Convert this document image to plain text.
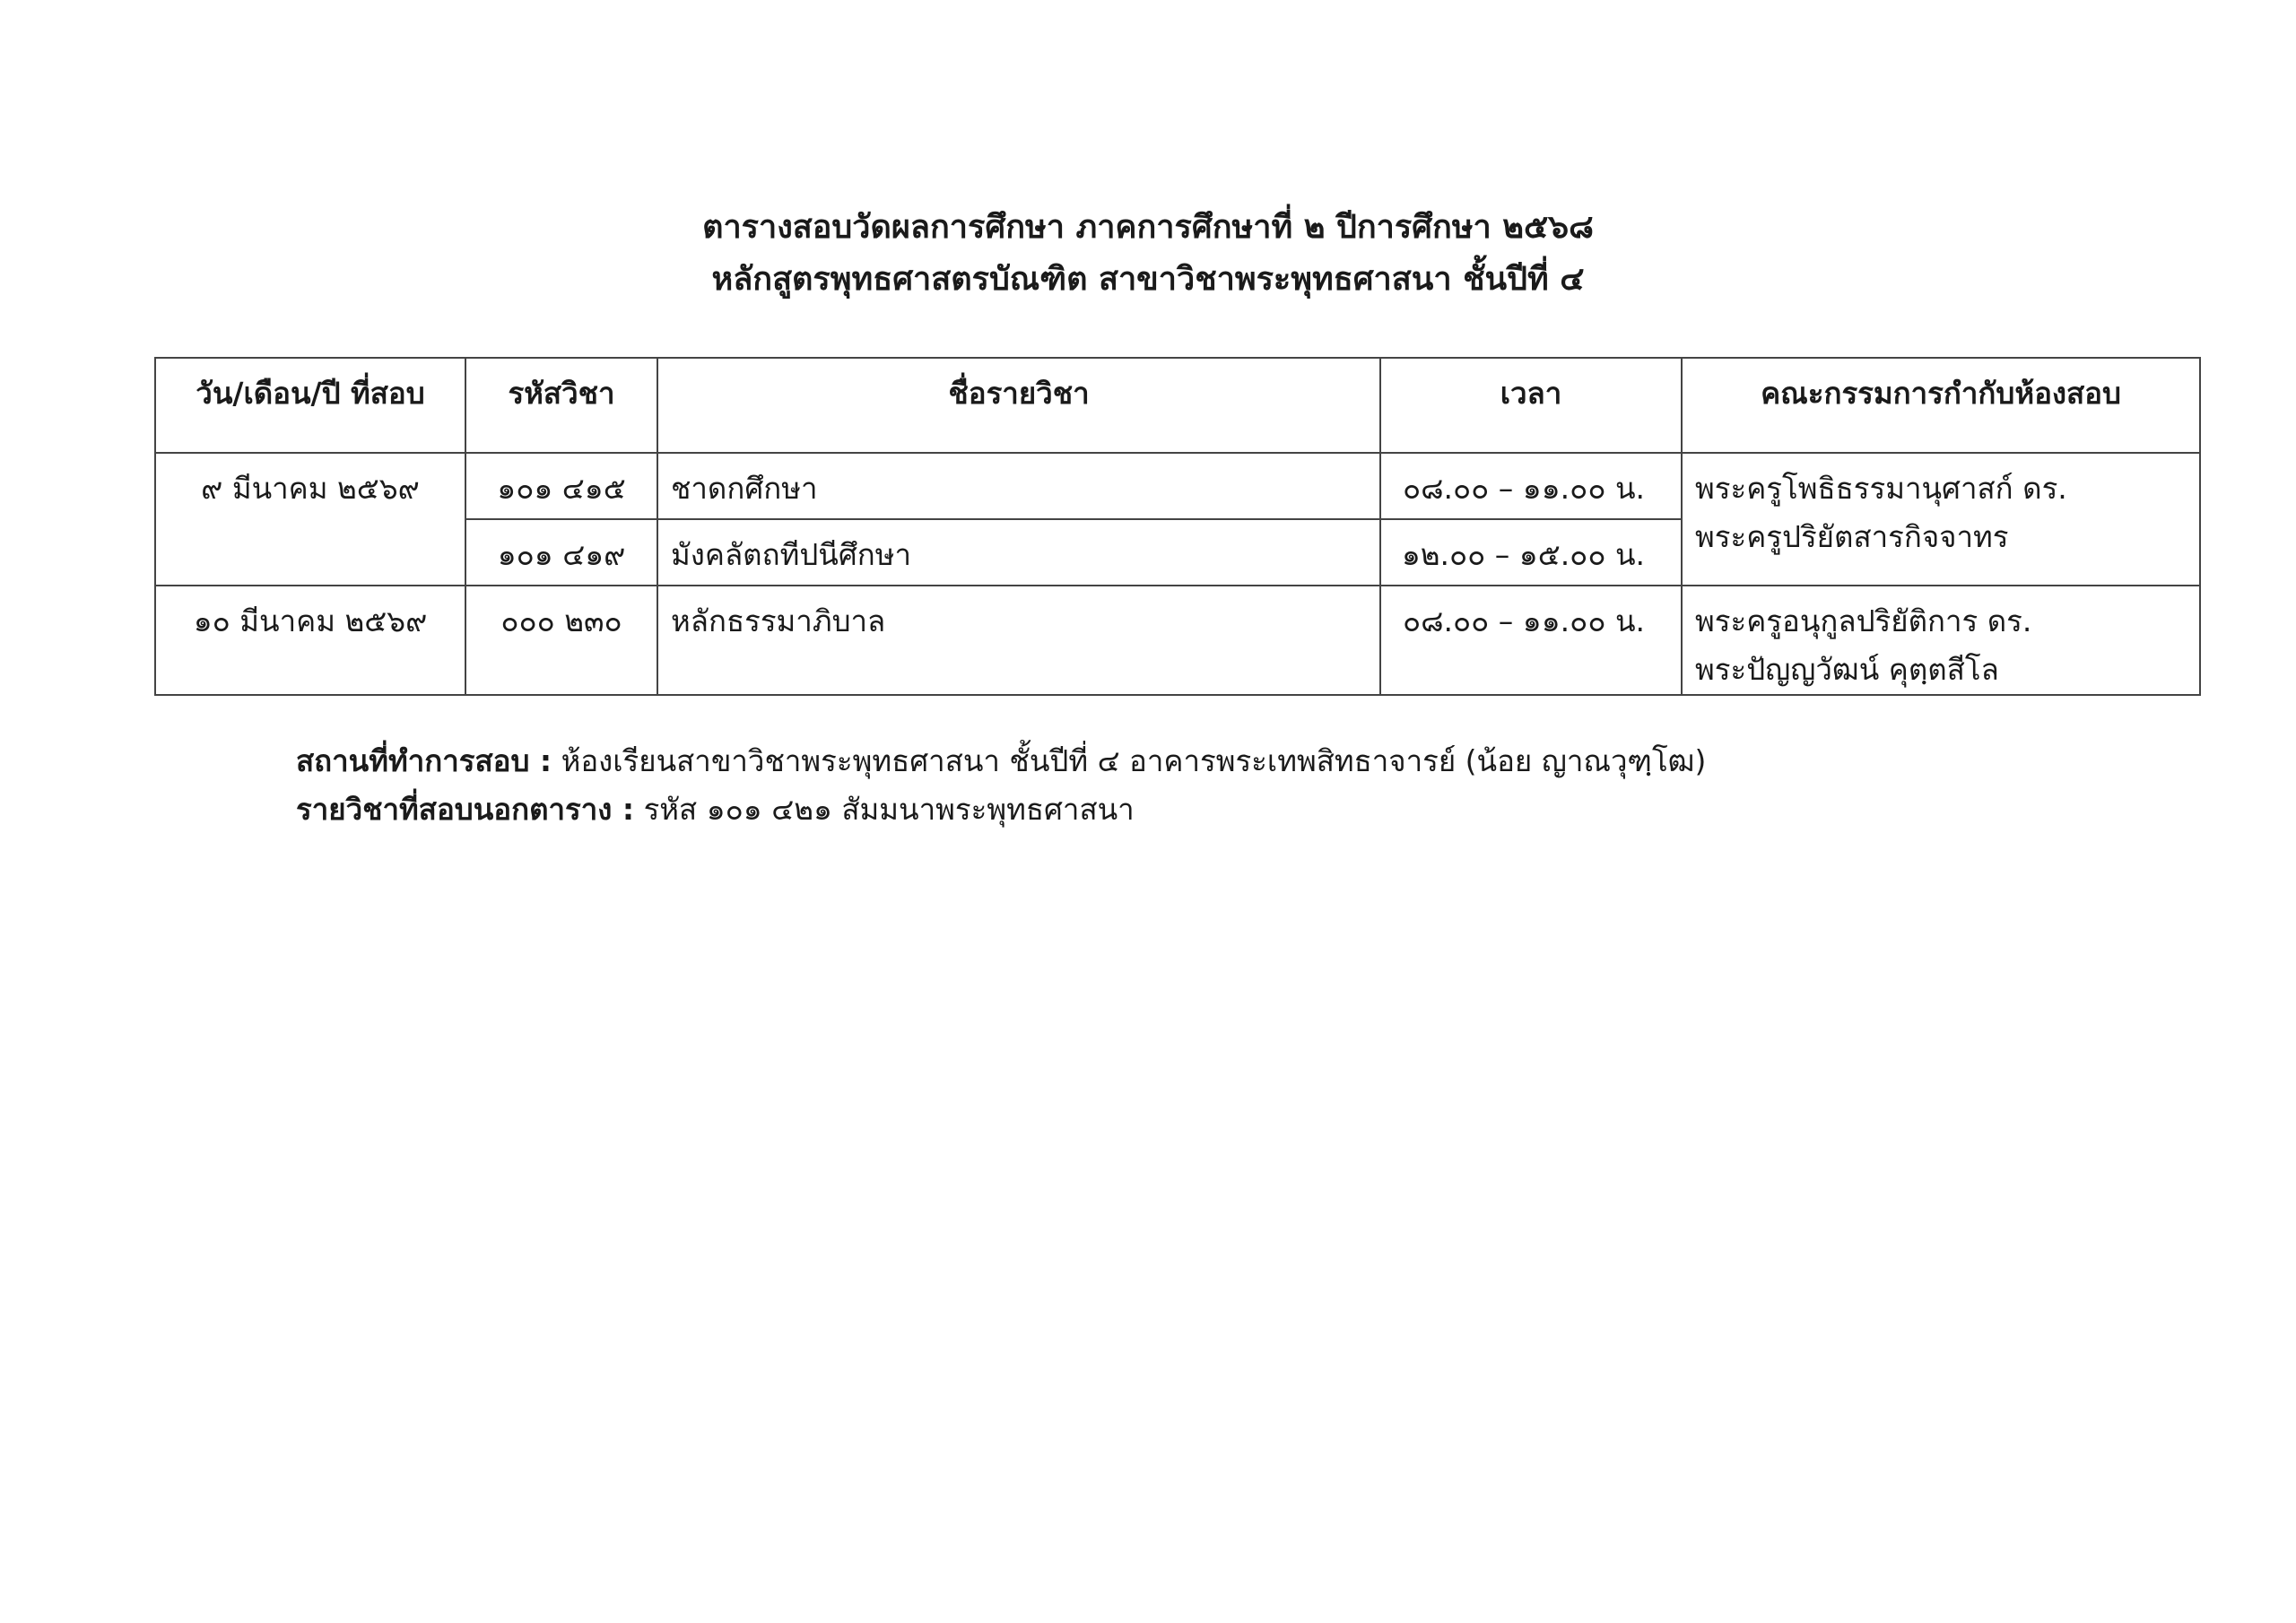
ตารางสอบวัดผลการศึกษา ภาคการศึกษาที่ ๒ ปีการศึกษา ๒๕๖๘
หลักสูตรพุทธศาสตรบัณฑิต สาขาวิชาพระพุทธศาสนา ชั้นปีที่ ๔
วัน/เดือน/ปี ที่สอบ	รหัสวิชา	ชื่อรายวิชา	เวลา	คณะกรรมการกำกับห้องสอบ
๙ มีนาคม ๒๕๖๙	๑๐๑ ๔๑๕	ชาดกศึกษา	๐๘.๐๐ – ๑๑.๐๐ น.	พระครูโพธิธรรมานุศาสก์ ดร.
พระครูปริยัตสารกิจจาทร

	๑๐๑ ๔๑๙	มังคลัตถทีปนีศึกษา	๑๒.๐๐ – ๑๕.๐๐ น.	
๑๐ มีนาคม ๒๕๖๙	๐๐๐ ๒๓๐	หลักธรรมาภิบาล	๐๘.๐๐ – ๑๑.๐๐ น.	พระครูอนุกูลปริยัติการ ดร.
พระปัญญวัฒน์ คุตฺตสีโล
สถานที่ทำการสอบ : ห้องเรียนสาขาวิชาพระพุทธศาสนา ชั้นปีที่ ๔ อาคารพระเทพสิทธาจารย์ (น้อย ญาณวุฑฺโฒ)
รายวิชาที่สอบนอกตาราง : รหัส ๑๐๑ ๔๒๑ สัมมนาพระพุทธศาสนา
